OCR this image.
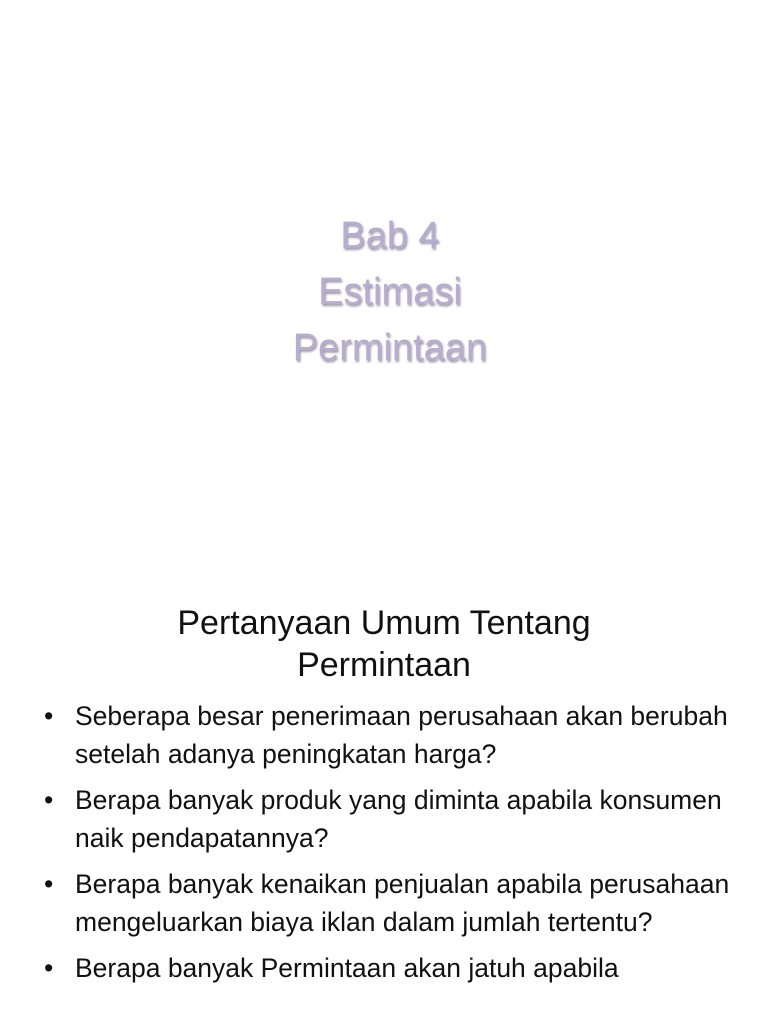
Bab 4
Estimasi
Permintaan
Pertanyaan Umum Tentang
Permintaan
• Seberapa besar penerimaan perusahaan akan berubah setelah adanya peningkatan harga?
• Berapa banyak produk yang diminta apabila konsumen naik pendapatannya?
• Berapa banyak kenaikan penjualan apabila perusahaan mengeluarkan biaya iklan dalam jumlah tertentu?
• Berapa banyak Permintaan akan jatuh apabila
